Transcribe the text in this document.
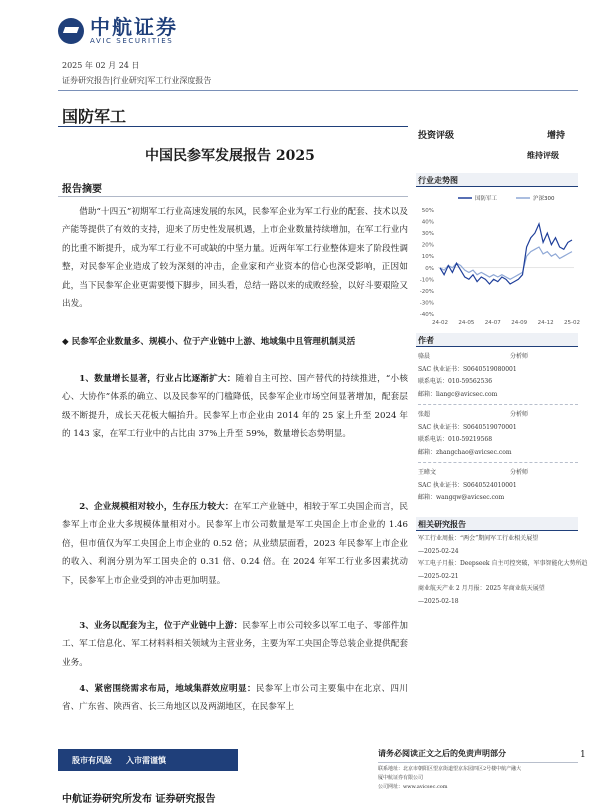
中航证券
AVIC SECURITIES
2025 年 02 月 24 日
证券研究报告|行业研究|军工行业深度报告
国防军工
中国民参军发展报告 2025
报告摘要

借助“十四五”初期军工行业高速发展的东风，民参军企业为军工行业的配套、技术以及产能等提供了有效的支持，迎来了历史性发展机遇，上市企业数量持续增加，在军工行业内的比重不断提升，成为军工行业不可或缺的中坚力量。近两年军工行业整体迎来了阶段性调整，对民参军企业造成了较为深刻的冲击，企业家和产业资本的信心也深受影响，正因如此，当下民参军企业更需要慢下脚步，回头看，总结一路以来的成败经验，以好斗要艰险又出发。

◆ 民参军企业数量多、规模小、位于产业链中上游、地域集中且管理机制灵活

1、数量增长显著，行业占比逐渐扩大：随着自主可控、国产替代的持续推进，“小核心、大协作”体系的确立、以及民参军的门槛降低，民参军企业市场空间显著增加，配套层级不断提升，成长天花板大幅抬升。民参军上市企业由 2014 年的 25 家上升至 2024 年的 143 家，在军工行业中的占比由 37%上升至 59%，数量增长态势明显。

2、企业规模相对较小，生存压力较大：在军工产业链中，相较于军工央国企而言，民参军上市企业大多规模体量相对小。民参军上市公司数量是军工央国企上市企业的 1.46 倍，但市值仅为军工央国企上市企业的 0.52 倍；从业绩层面看，2023 年民参军上市企业的收入、利润分别为军工国央企的 0.31 倍、0.24 倍。在 2024 年军工行业多因素扰动下，民参军上市企业受到的冲击更加明显。

3、业务以配套为主，位于产业链中上游：民参军上市公司较多以军工电子、零部件加工、军工信息化、军工材料料相关领域为主营业务，主要为军工央国企等总装企业提供配套业务。

4、紧密围绕需求布局，地域集群效应明显：民参军上市公司主要集中在北京、四川省、广东省、陕西省、长三角地区以及两湖地区，在民参军上

投资评级	增持
维持评级
行业走势图
国防军工	沪深300
50%
40%
30%
20%
10%
0%
-10%
-20%
-30%
-40%
24-02 24-05 24-07 24-09 24-12 25-02
作者
骆晨	分析师
SAC 执业证书：S0640519080001
联系电话：010-59562536
邮箱：liangc@avicsec.com
张超	分析师
SAC 执业证书：S0640519070001
联系电话：010-59219568
邮箱：zhangchao@avicsec.com
王暐文	分析师
SAC 执业证书：S0640524010001
邮箱：wangqw@avicsec.com
相关研究报告
军工行业周报：“两会”期间军工行业相关展望
—2025-02-24
军工电子月报：Deepseek 自主可控突破，军事智能化大势所趋
—2025-02-21
商业航天产业 2 月月报：2025 年商业航天展望
—2025-02-18
股市有风险 入市需谨慎
请务必阅读正文之后的免责声明部分	1
联系地址：北京市朝阳区望京街道望京东园四区2号楼中航产融大
厦中航证券有限公司
公司网址：www.avicsec.com
中航证券研究所发布 证券研究报告
